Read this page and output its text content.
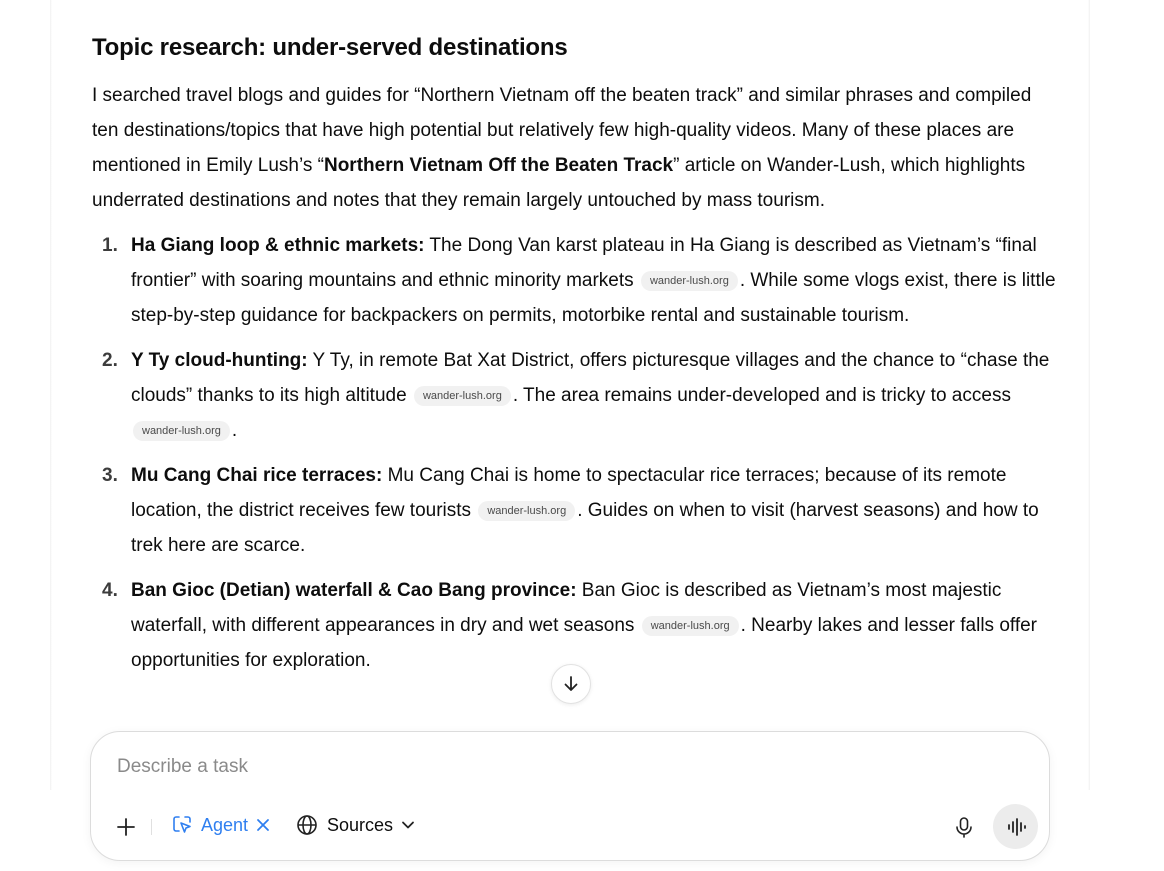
Topic research: under-served destinations

I searched travel blogs and guides for “Northern Vietnam off the beaten track” and similar phrases and compiled ten destinations/topics that have high potential but relatively few high-quality videos. Many of these places are mentioned in Emily Lush’s “Northern Vietnam Off the Beaten Track” article on Wander-Lush, which highlights underrated destinations and notes that they remain largely untouched by mass tourism.

1. Ha Giang loop & ethnic markets: The Dong Van karst plateau in Ha Giang is described as Vietnam’s “final frontier” with soaring mountains and ethnic minority markets wander-lush.org . While some vlogs exist, there is little step-by-step guidance for backpackers on permits, motorbike rental and sustainable tourism.
2. Y Ty cloud-hunting: Y Ty, in remote Bat Xat District, offers picturesque villages and the chance to “chase the clouds” thanks to its high altitude wander-lush.org . The area remains under-developed and is tricky to access wander-lush.org .
3. Mu Cang Chai rice terraces: Mu Cang Chai is home to spectacular rice terraces; because of its remote location, the district receives few tourists wander-lush.org . Guides on when to visit (harvest seasons) and how to trek here are scarce.
4. Ban Gioc (Detian) waterfall & Cao Bang province: Ban Gioc is described as Vietnam’s most majestic waterfall, with different appearances in dry and wet seasons wander-lush.org . Nearby lakes and lesser falls offer opportunities for exploration.
Describe a task
Agent	Sources
